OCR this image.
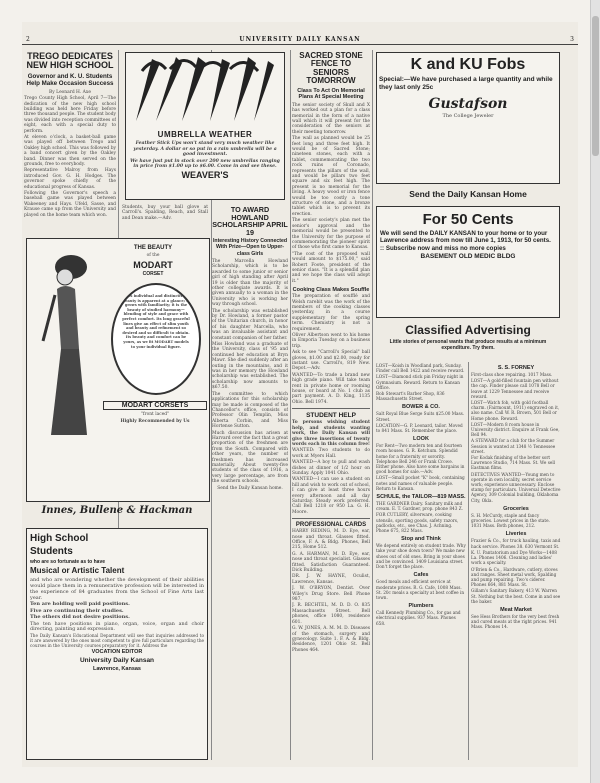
2	UNIVERSITY DAILY KANSAN	3
TREGO DEDICATES NEW HIGH SCHOOL
Governor and K. U. Students Help Make Occasion Success
By Leonard H. Axe
Trego County High School, April 7—The dedication of the new high school building was held here Friday before three thousand people. The student body was divided into reception committees of eight, each with a special duty to perform.
At eleven o'clock, a basket-ball game was played off between Trego and Oakley high school. This was followed by a band concert given by the Oakley band. Dinner was then served on the grounds, free to everybody.
Representative Malroy from Hays introduced Gov. G. H. Hodges. The governor spoke chiefly of the educational progress of Kansas.
Following the Governor's speech a baseball game was played between Wakeeney and Hays. Ufeld, Sasse, and Krause came up from the University and played on the home team which won.
UMBRELLA WEATHER
Feather Stick Ups won't stand very much weather like yesterday. A dollar or so put in a rain umbrella will be a good investment.
We have just put in stock over 200 new umbrellas ranging in price from $1.00 up to $6.00. Come in and see these.
WEAVER'S
Students, buy your ball glove at Carroll's. Spalding, Reach, and Stall and Dean make.—Adv.
THE BEAUTY
of the
MODART
CORSET
Its individual and distinctive beauty is apparent at a glance; it grows with familiarity; it is the beauty of studied harmony—blending of style and grace with perfect comfort. Its long graceful lines give an effect of slim youth and beauty and refinement so desired and so difficult to obtain. Its beauty and comfort can be yours, as we fit MODART models to your individual figure.
MODART CORSETS
"front laced"
Highly Recommended by Us
Innes, Bullene & Hackman
High School
Students
who are so fortunate as to have
Musical or Artistic Talent
and who are wondering whether the development of their abilities would place them in a remunerative profession will be interested in the experience of 84 graduates from the School of Fine Arts last year.
Ten are holding well paid positions.
Five are continuing their studies.
The others did not desire positions.
The ten have positions in piano, organ, voice, organ and choir directing, painting and expression.
The Daily Kansan's Educational Department will see that inquiries addressed to it are answered by the ones most competent to give full particulars regarding the courses in the University courses preparatory for it. Address the
VOCATION EDITOR
University Daily Kansan
Lawrence, Kansas
TO AWARD HOWLAND SCHOLARSHIP APRIL 19
Interesting History Connected With Prize—Open to Upper-class Girls
The Marcella Howland Scholarship, which is to be awarded to some junior or senior girl of high standing after April 19 is older than the majority of other collegiate awards. It is given annually to a woman in the University who is working her way through school.
The scholarship was established by Dr. Howland, a former pastor of the Unitarian church, in honor of his daughter Marcella, who was an invaluable assistant and constant companion of her father.
Miss Howland was a graduate of the University, class of '95 and continued her education at Bryn Mawr. She died suddenly after an outing in the mountains, and it was in her memory the Howland scholarship was established. The scholarship now amounts to $67.50.
The committee to which applications for this scholarship may be made is composed of the Chancellor's office, consists of Professor Olin Templin, Miss Alberta Corbin, and Miss Hortense Sutton.
Much discussion has arisen at Harvard over the fact that a great proportion of the freshmen are from the South. Compared with other years, the number of freshmen has increased materially. About twenty-five students of the class of 1916, a very large percentage, are from the southern schools.
Send the Daily Kansan home.
SACRED STONE FENCE TO SENIORS TOMORROW
Class To Act On Memorial Plans At Special Meeting
The senior society of Skull and X has worked out a plan for a class memorial in the form of a native wall which it will present for the consideration of the seniors at their meeting tomorrow.
The wall as planned would be 25 feet long and three feet high. It would be of Sacred Stone; nineteen stones, each with a tablet, commemorating the two rock ruins of Coronado, represents the pillars of the wall, and would be pillars two feet square and six feet high. The present is no memorial for the living. A heavy wood or iron fence would be too costly a tone structure of stone, and a bronze tablet which is to prevent its erection.
The senior society's plan met the senior's approval and the memorial would be presented to the University for the purpose of commemorating the pioneer spirit of those who first came to Kansas.
"The cost of the proposed wall would amount to $175.00," said Robert Foote, president of the senior class. "It is a splendid plan and we hope the class will adopt it."
Cooking Class Makes Souffle
The preparation of soufflé and Welsh rarebit was the work of the members of the cooking classes yesterday, in a course supplementary for the spring term. Chemistry is not a requirement.
Oliver Albertson went to his home in Emporia Tuesday on a business trip.
Ask to see "Carroll's Special" ball gloves, $1.00 and $2.00, ready for instant use. Carroll's, 819 New. Depot.—Adv.
WANTED—To trade a brand new high grade piano. Will take team rent in private home or rooming house, or board at No. 1 club as part payment. A. D. King, 1135 Ohio. Bell 1974.
STUDENT HELP
To persons wishing student help, and students wanting work, the Daily Kansan will give three insertions of twenty words each in this column free!
WANTED: Two students to do work at Myers Hall.
WANTED—A boy to pull and wash dishes at dinner of 1/2 hour on Sunday. Apply 1041 Ohio.
WANTED—I can use a student on hill and wish to work out of school, I can give at least three hours every afternoon and all day Saturday. Steady work preferred. Call Bell 1218 or 950 La. G. H. Moore.
PROFESSIONAL CARDS
HARRY REDING, M. D. Eye, ear, nose and throat. Glasses fitted. Office, F. A. & Bldg. Phones, Bell 215, Home 512.
G. A. HARMAN, M. D. Eye, ear, nose and throat specialist. Glasses fitted. Satisfaction Guaranteed. Dick Building.
DR. J. W. HAYNE, Oculist, Lawrence, Kansas.
J. W. O'BRYON, Dentist. Over Wiley's Drug Store. Bell Phone 987.
J. R. BECHTEL, M. D. D. O. 835 Massachusetts Street. Bell phones, office 1080, residence 601.
G. W. JONES, A. M. M. D. Diseases of the stomach, surgery and gynecology. Suite 1. F. A. & Bldg. Residence, 1201 Ohio St. Bell Phones 464.
K and KU Fobs
Special:—We have purchased a large quantity and while they last only 25c
Gustafson
The College Jeweler
Send the Daily Kansan Home
For 50 Cents
We will send the DAILY KANSAN to your home or to your Lawrence address from now till June 1, 1913, for 50 cents. :: Subscribe now and miss no more copies
BASEMENT OLD MEDIC BLDG
Classified Advertising
Little stories of personal wants that produce results at a minimum expenditure. Try them.
LOST—Koish in Woodland park, Sunday. Finder call Bell 1422 and receive reward.
LOST—Diamond stick pin Friday night in Gymnasium. Reward. Return to Kansan Office.
Bob Stewart's Barber Shop, 836 Massachusetts Street.
BOWER & CO.
Salt Royal Blue Serge Suits $25.00 Mass. Street.
LOCATION—G. P. Leonard, tailor. Moved to 841 Mass. St. Remember the place.
LOOK
For Rent—Two modern ten and fourteen room houses. G. R. Ketchum. Splendid home for a fraternity or sorority. Telephone Bell 246 or Frank Crowe. Either phone. Also have some bargains in good homes for sale.—Adv.
LOST—Small pocket "K" book, containing notes and names of valuable people. Return to Kansan.
SCHULE, the TAILOR—819 MASS.
THE GARDNER Dairy. Sanitary milk and cream. E. T. Gardner, prop. phone 843 Z.
FOR CUTLERY, silverware, cooking utensils, sporting goods, safety razors, padlocks, etc., see Chas. J. Achning. Phone 675, 822 Mass.
Stop and Think
We depend entirely on student trade. Why take your shoe down town? We make new shoes out of old ones. Bring in your shoes and be convinced. 1409 Louisiana street. Don't forget the place.
Cafes
Good meals and efficient service at moderate prices. R. G. Cafe, 1008 Mass. St. 20c meals a specialty at best coffee in town.
Plumbers
Call Kennedy Plumbing Co., for gas and electrical supplies. 937 Mass. Phones 658.
S. S. FORNEY
First-class shoe repairing. 1017 Mass.
LOST—A gold-filled fountain pen without the cap. Finder please call 1078 Bell or leave at 1229 Tennessee and receive reward.
LOST—Watch fob, with gold football charm. (Fairmount, 1911) engraved on it, also name. Call W. R. Brown, 501 Bell or Home phone. Reward.
LOST—Modern 8 room house in University district. Enquire at Frank Gee, Bell 94.
A STEWARD for a club for the Summer Session is wanted at 1348 ½ Tennessee street.
For Kodak finishing of the better sort Lawrence Studio, 714 Mass. St. We sell Eastman films.
DETECTIVES WANTED—Young men to operate in own locality, secret service work; experience unnecessary. Enclose stamp for particulars. Universal Detective Agency, 309 Colonial building, Oklahoma City, Okla.
Groceries
S. H. McCurdy, staple and fancy groceries. Lowest prices in the state. 1031 Mass. Both phones, 212.
Liveries
Frazier & Co., for truck hauling, taxis and hack service. Phones 38. 630 Vermont St.
K. U. Pantatorium and Dye Works—1408 La. Phones 1406. Cleaning and ladies' work a specialty.
O'Brien & Co., Hardware, cutlery, stoves and ranges. Sheet metal work, Spalding and pump repairing. Two's ciderer. Phones 664, 881 Mass. St.
Gillam's Sanitary Bakery, 413 W. Warren St. Nothing but the best. Come in and see the baker.
Meat Market
See Hess Brothers for the very best fresh and cured meats at the right prices. 941 Mass. Phones 14.
